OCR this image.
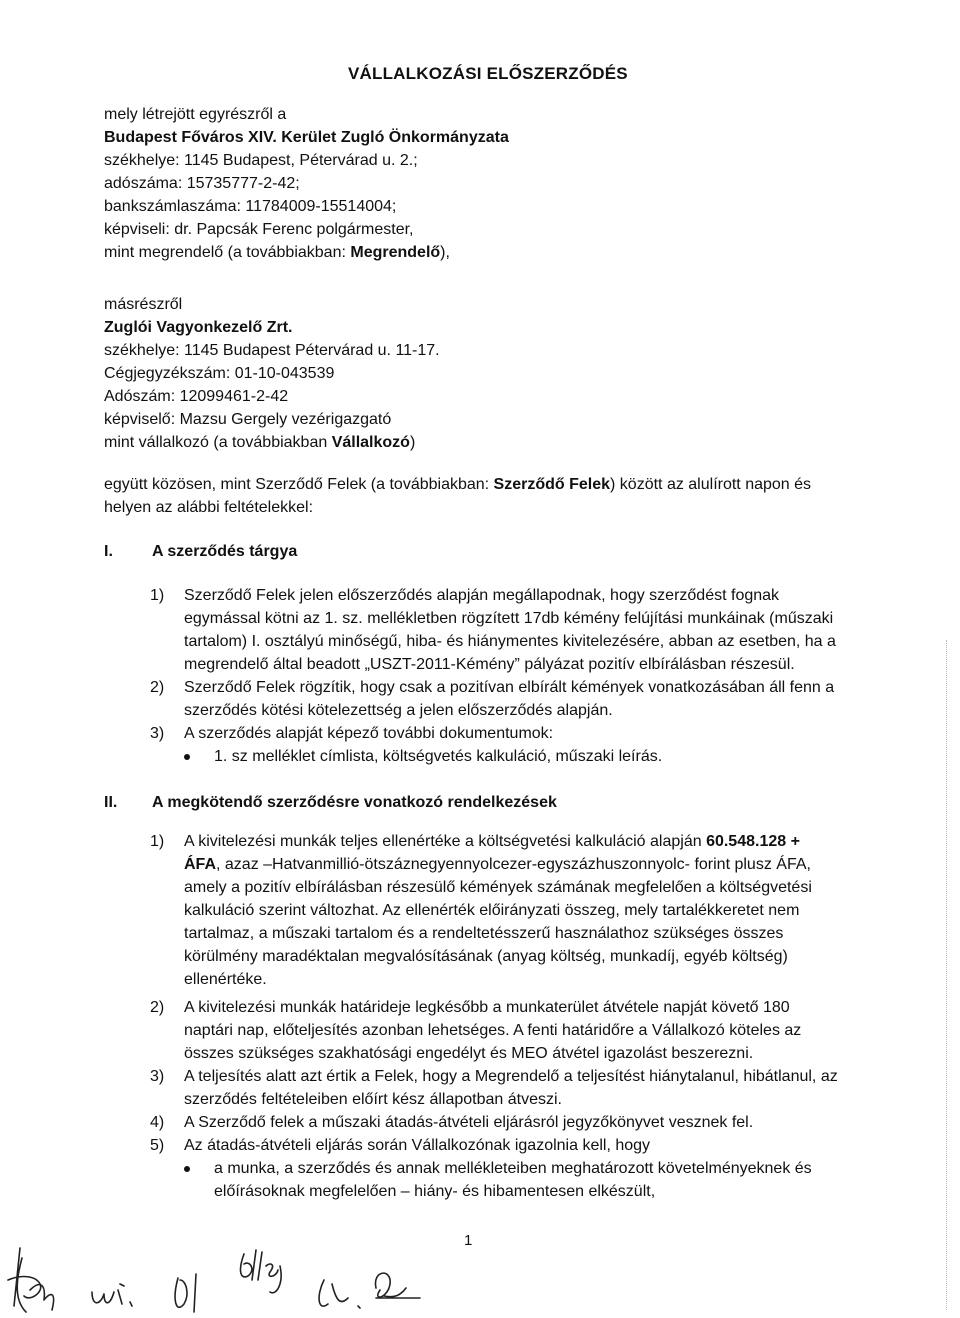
VÁLLALKOZÁSI ELŐSZERZŐDÉS
mely létrejött egyrészről a
Budapest Főváros XIV. Kerület Zugló Önkormányzata
székhelye: 1145 Budapest, Pétervárad u. 2.;
adószáma: 15735777-2-42;
bankszámlaszáma: 11784009-15514004;
képviseli: dr. Papcsák Ferenc polgármester,
mint megrendelő (a továbbiakban: Megrendelő),
másrészről
Zuglói Vagyonkezelő Zrt.
székhelye: 1145 Budapest Pétervárad u. 11-17.
Cégjegyzékszám: 01-10-043539
Adószám: 12099461-2-42
képviselő: Mazsu Gergely vezérigazgató
mint vállalkozó (a továbbiakban Vállalkozó)
együtt közösen, mint Szerződő Felek (a továbbiakban: Szerződő Felek) között az alulírott napon és
helyen az alábbi feltételekkel:
I. A szerződés tárgya
1) Szerződő Felek jelen előszerződés alapján megállapodnak, hogy szerződést fognak
egymással kötni az 1. sz. mellékletben rögzített 17db kémény felújítási munkáinak (műszaki
tartalom) I. osztályú minőségű, hiba- és hiánymentes kivitelezésére, abban az esetben, ha a
megrendelő által beadott „USZT-2011-Kémény” pályázat pozitív elbírálásban részesül.
2) Szerződő Felek rögzítik, hogy csak a pozitívan elbírált kémények vonatkozásában áll fenn a
szerződés kötési kötelezettség a jelen előszerződés alapján.
3) A szerződés alapját képező további dokumentumok:
1. sz melléklet címlista, költségvetés kalkuláció, műszaki leírás.
II. A megkötendő szerződésre vonatkozó rendelkezések
1) A kivitelezési munkák teljes ellenértéke a költségvetési kalkuláció alapján 60.548.128 +
ÁFA, azaz –Hatvanmillió-ötszáznegyennyolcezer-egyszázhuszonnyolc- forint plusz ÁFA,
amely a pozitív elbírálásban részesülő kémények számának megfelelően a költségvetési
kalkuláció szerint változhat. Az ellenérték előirányzati összeg, mely tartalékkeretet nem
tartalmaz, a műszaki tartalom és a rendeltetésszerű használathoz szükséges összes
körülmény maradéktalan megvalósításának (anyag költség, munkadíj, egyéb költség)
ellenértéke.
2) A kivitelezési munkák határideje legkésőbb a munkaterület átvétele napját követő 180
naptári nap, előteljesítés azonban lehetséges. A fenti határidőre a Vállalkozó köteles az
összes szükséges szakhatósági engedélyt és MEO átvétel igazolást beszerezni.
3) A teljesítés alatt azt értik a Felek, hogy a Megrendelő a teljesítést hiánytalanul, hibátlanul, az
szerződés feltételeiben előírt kész állapotban átveszi.
4) A Szerződő felek a műszaki átadás-átvételi eljárásról jegyzőkönyvet vesznek fel.
5) Az átadás-átvételi eljárás során Vállalkozónak igazolnia kell, hogy
a munka, a szerződés és annak mellékleteiben meghatározott követelményeknek és
előírásoknak megfelelően – hiány- és hibamentesen elkészült,
1
